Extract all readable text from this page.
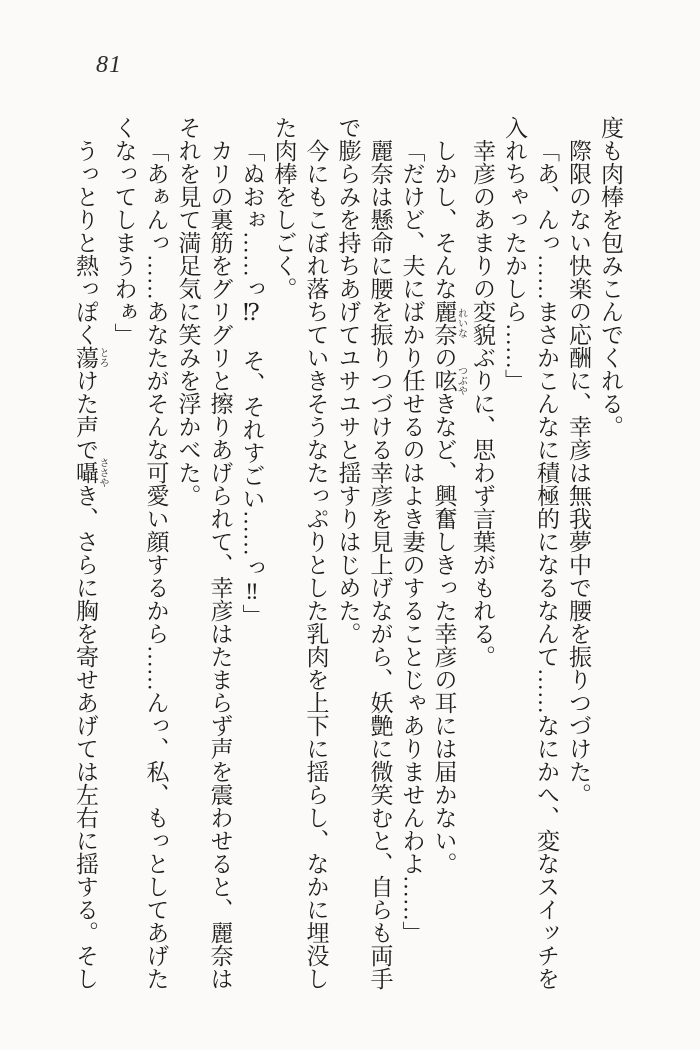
81

度も肉棒を包みこんでくれる。

際限のない快楽の応酬に、幸彦は無我夢中で腰を振りつづけた。

「あ、んっ……まさかこんなに積極的になるなんて……なにかへ、変なスイッチを入れちゃったかしら……」

幸彦のあまりの変貌ぶりに、思わず言葉がもれる。

しかし、そんな麗奈 れいなの呟 つぶやきなど、興奮しきった幸彦の耳には届かない。

「だけど、夫にばかり任せるのはよき妻のすることじゃありませんわよ……」

麗奈は懸命に腰を振りつづける幸彦を見上げながら、妖艶に微笑むと、自らも両手で膨らみを持ちあげてユサユサと揺すりはじめた。

今にもこぼれ落ちていきそうなたっぷりとした乳肉を上下に揺らし、なかに埋没した肉棒をしごく。

「ぬおぉ……っ⁉　そ、それすごい……っ‼」

カリの裏筋をグリグリと擦りあげられて、幸彦はたまらず声を震わせると、麗奈はそれを見て満足気に笑みを浮かべた。

「あぁんっ……あなたがそんな可愛い顔するから……んっ、私、もっとしてあげたくなってしまうわぁ」

うっとりと熱っぽく蕩 とろけた声で囁 ささやき、さらに胸を寄せあげては左右に揺する。そし
